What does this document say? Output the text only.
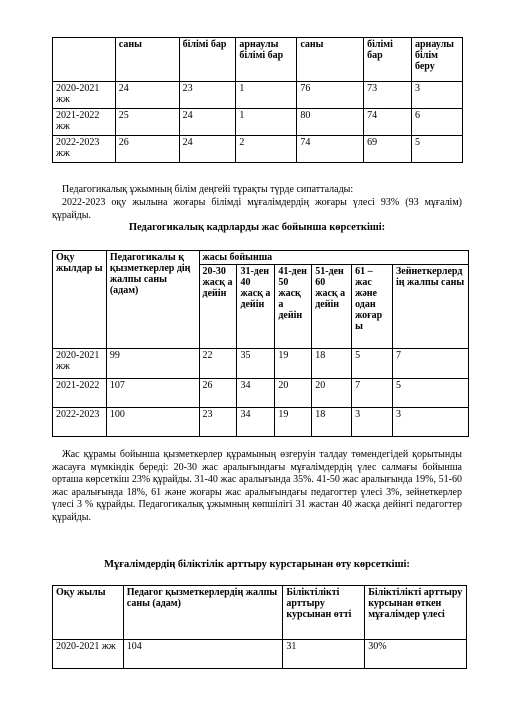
	саны	білімі бар	арнаулы білімі бар	саны	білімі бар	арнаулы білім беру
2020-2021 жж	24	23	1	76	73	3
2021-2022 жж	25	24	1	80	74	6
2022-2023 жж	26	24	2	74	69	5

Педагогикалық ұжымның білім деңгейі тұрақты түрде сипатталады:

2022-2023 оқу жылына жоғары білімді мұғалімдердің жоғары үлесі 93% (93 мұғалім) құрайды.

Педагогикалық кадрларды жас бойынша көрсеткіші:

Оқу жылдар ы	Педагогикалы қ қызметкерлер дің жалпы саны (адам)	жасы бойынша					
		20-30 жасқ а дейін	31-ден 40 жасқ а дейін	41-ден 50 жасқ а дейін	51-ден 60 жасқ а дейін	61 – жас және одан жоғар ы	Зейнеткерлерд ің жалпы саны
2020-2021 жж	99	22	35	19	18	5	7
2021-2022	107	26	34	20	20	7	5
2022-2023	100	23	34	19	18	3	3

Жас құрамы бойынша қызметкерлер құрамының өзгеруін талдау төмендегідей қорытынды жасауға мүмкіндік береді: 20-30 жас аралығындағы мұғалімдердің үлес салмағы бойынша орташа көрсеткіш 23% құрайды. 31-40 жас аралығында 35%. 41-50 жас аралығында 19%, 51-60 жас аралығында 18%, 61 және жоғары жас аралығындағы педагогтер үлесі 3%, зейнеткерлер үлесі 3 % құрайды. Педагогикалық ұжымның көпшілігі 31 жастан 40 жасқа дейінгі педагогтер құрайды.

Мұғалімдердің біліктілік арттыру курстарынан өту көрсеткіші:

Оқу жылы	Педагог қызметкерлердің жалпы саны (адам)	Біліктілікті арттыру курсынан өтті	Біліктілікті арттыру курсынан өткен мұғалімдер үлесі
2020-2021 жж	104	31	30%
